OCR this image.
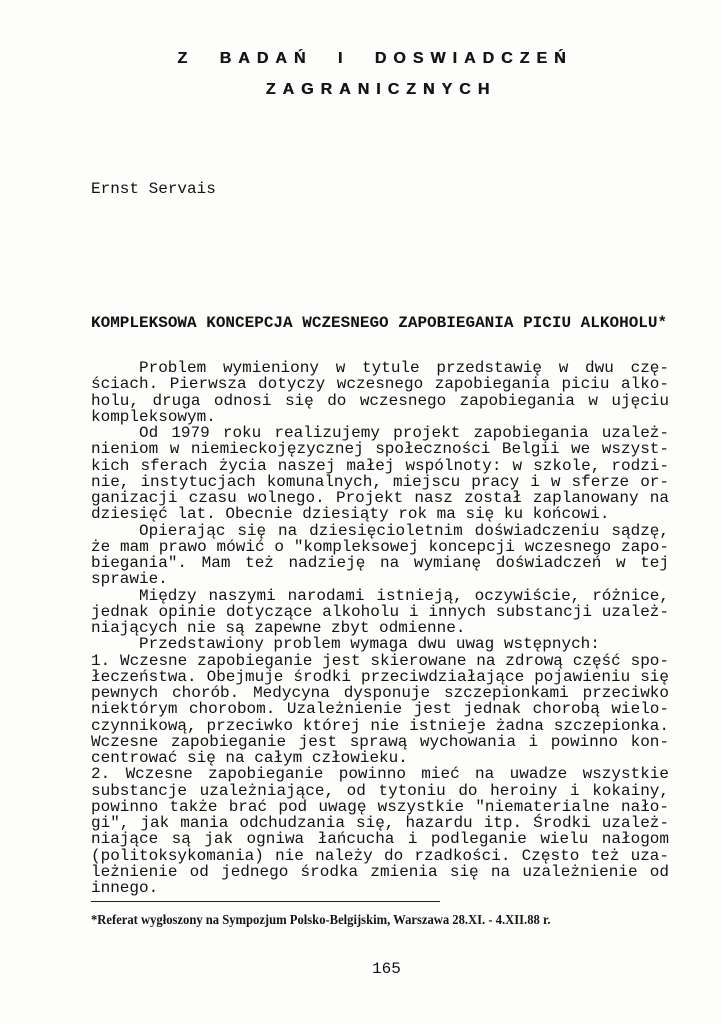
Z BADAŃ I DOSWIADCZEŃ
ZAGRANICZNYCH
Ernst Servais
KOMPLEKSOWA KONCEPCJA WCZESNEGO ZAPOBIEGANIA PICIU ALKOHOLU*
Problem wymieniony w tytule przedstawię w dwu czę-
ściach. Pierwsza dotyczy wczesnego zapobiegania piciu alko-
holu, druga odnosi się do wczesnego zapobiegania w ujęciu
kompleksowym.
Od 1979 roku realizujemy projekt zapobiegania uzależ-
nieniom w niemieckojęzycznej społeczności Belgii we wszyst-
kich sferach życia naszej małej wspólnoty: w szkole, rodzi-
nie, instytucjach komunalnych, miejscu pracy i w sferze or-
ganizacji czasu wolnego. Projekt nasz został zaplanowany na
dziesięć lat. Obecnie dziesiąty rok ma się ku końcowi.
Opierając się na dziesięcioletnim doświadczeniu sądzę,
że mam prawo mówić o "kompleksowej koncepcji wczesnego zapo-
biegania". Mam też nadzieję na wymianę doświadczeń w tej
sprawie.
Między naszymi narodami istnieją, oczywiście, różnice,
jednak opinie dotyczące alkoholu i innych substancji uzależ-
niających nie są zapewne zbyt odmienne.
Przedstawiony problem wymaga dwu uwag wstępnych:
1. Wczesne zapobieganie jest skierowane na zdrową część spo-
łeczeństwa. Obejmuje środki przeciwdziałające pojawieniu się
pewnych chorób. Medycyna dysponuje szczepionkami przeciwko
niektórym chorobom. Uzależnienie jest jednak chorobą wielo-
czynnikową, przeciwko której nie istnieje żadna szczepionka.
Wczesne zapobieganie jest sprawą wychowania i powinno kon-
centrować się na całym człowieku.
2. Wczesne zapobieganie powinno mieć na uwadze wszystkie
substancje uzależniające, od tytoniu do heroiny i kokainy,
powinno także brać pod uwagę wszystkie "niematerialne nało-
gi", jak mania odchudzania się, hazardu itp. Środki uzależ-
niające są jak ogniwa łańcucha i podleganie wielu nałogom
(politoksykomania) nie należy do rzadkości. Często też uza-
leżnienie od jednego środka zmienia się na uzależnienie od
innego.
*Referat wygłoszony na Sympozjum Polsko-Belgijskim, Warszawa 28.XI. - 4.XII.88 r.
165
